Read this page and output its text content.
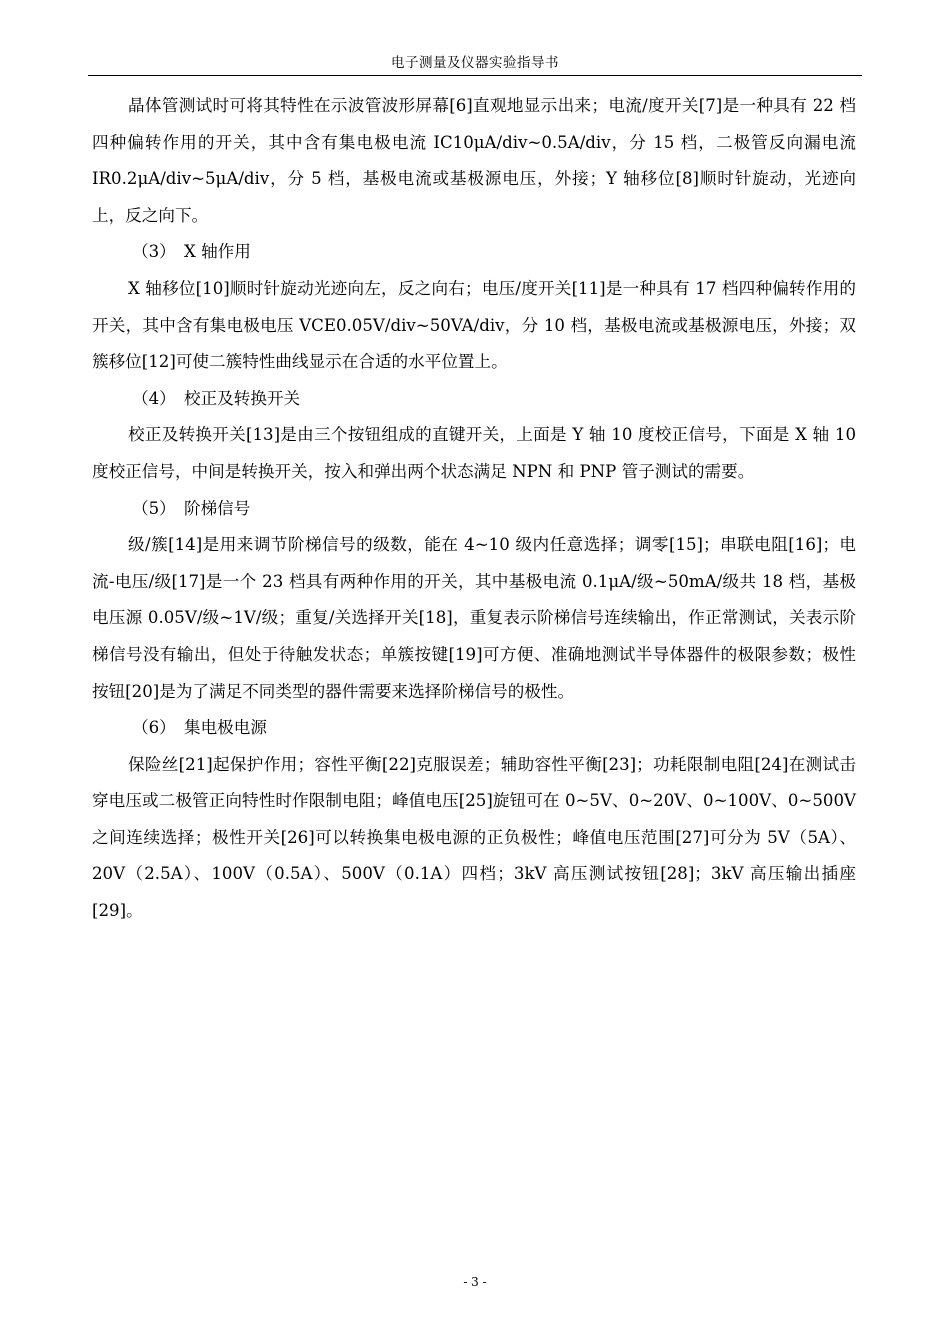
电子测量及仪器实验指导书

晶体管测试时可将其特性在示波管波形屏幕[6]直观地显示出来；电流/度开关[7]是一种具有 22 档四种偏转作用的开关，其中含有集电极电流 IC10μA/div~0.5A/div，分 15 档，二极管反向漏电流 IR0.2μA/div~5μA/div，分 5 档，基极电流或基极源电压，外接；Y 轴移位[8]顺时针旋动，光迹向上，反之向下。

（3） X 轴作用

X 轴移位[10]顺时针旋动光迹向左，反之向右；电压/度开关[11]是一种具有 17 档四种偏转作用的开关，其中含有集电极电压 VCE0.05V/div~50VA/div，分 10 档，基极电流或基极源电压，外接；双簇移位[12]可使二簇特性曲线显示在合适的水平位置上。

（4） 校正及转换开关

校正及转换开关[13]是由三个按钮组成的直键开关，上面是 Y 轴 10 度校正信号，下面是 X 轴 10 度校正信号，中间是转换开关，按入和弹出两个状态满足 NPN 和 PNP 管子测试的需要。

（5） 阶梯信号

级/簇[14]是用来调节阶梯信号的级数，能在 4~10 级内任意选择；调零[15]；串联电阻[16]；电流-电压/级[17]是一个 23 档具有两种作用的开关，其中基极电流 0.1μA/级~50mA/级共 18 档，基极电压源 0.05V/级~1V/级；重复/关选择开关[18]，重复表示阶梯信号连续输出，作正常测试，关表示阶梯信号没有输出，但处于待触发状态；单簇按键[19]可方便、准确地测试半导体器件的极限参数；极性按钮[20]是为了满足不同类型的器件需要来选择阶梯信号的极性。

（6） 集电极电源

保险丝[21]起保护作用；容性平衡[22]克服误差；辅助容性平衡[23]；功耗限制电阻[24]在测试击穿电压或二极管正向特性时作限制电阻；峰值电压[25]旋钮可在 0~5V、0~20V、0~100V、0~500V 之间连续选择；极性开关[26]可以转换集电极电源的正负极性；峰值电压范围[27]可分为 5V（5A）、20V（2.5A）、100V（0.5A）、500V（0.1A）四档；3kV 高压测试按钮[28]；3kV 高压输出插座[29]。

- 3 -
